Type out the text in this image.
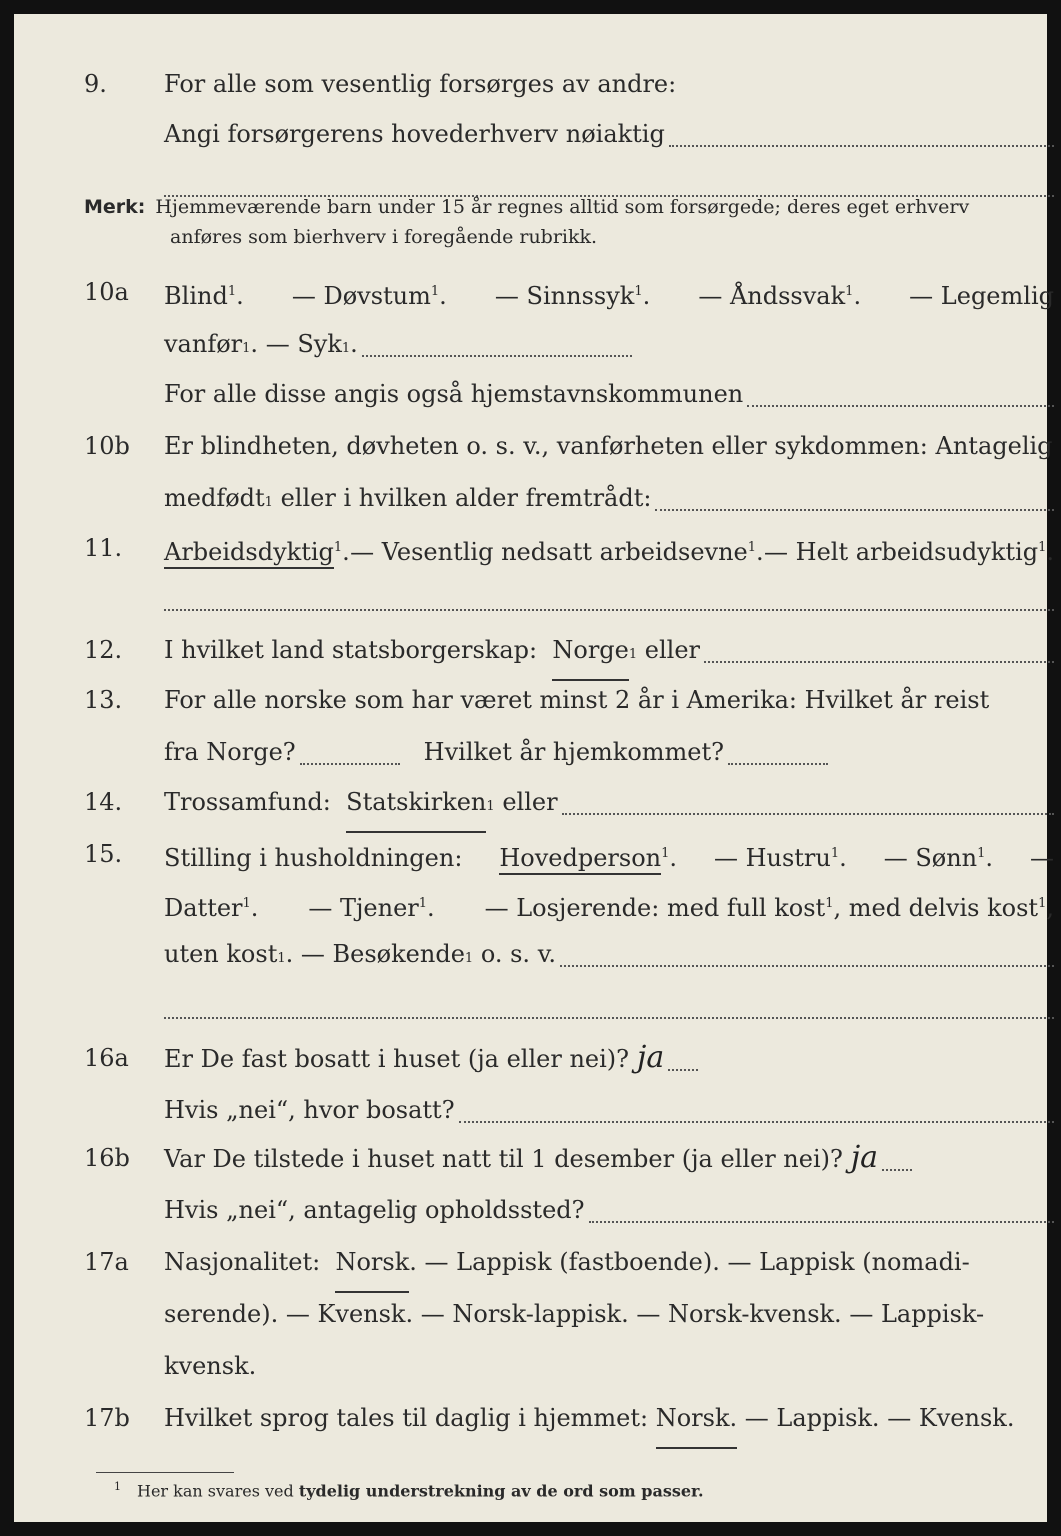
9.	For alle som vesentlig forsørges av andre:
Angi forsørgerens hovederhverv nøiaktig
Merk: Hjemmeværende barn under 15 år regnes alltid som forsørgede; deres eget erhverv
anføres som bierhverv i foregående rubrikk.
10a	Blind$^1$. — Døvstum$^1$. — Sinnssyk$^1$. — Åndssvak$^1$. — Legemlig
vanfør$_1$ . — Syk$_1$ .
For alle disse angis også hjemstavnskommunen
10b	Er blindheten, døvheten o. s. v., vanførheten eller sykdommen: Antagelig
medfødt$_1$
eller i hvilken alder fremtrådt:
11.	Arbeidsdyktig$^1$. — Vesentlig nedsatt arbeidsevne$^1$. — Helt arbeidsudyktig$^1$.
12.	I hvilket land statsborgerskap:
Norge 1
eller
13.	For alle norske som har været minst 2 år i Amerika: Hvilket år reist
fra Norge?	Hvilket år hjemkommet?
14.	Trossamfund:
Statskirken 1
eller
15.	Stilling i husholdningen: Hovedperson$^1$. — Hustru$^1$. — Sønn$^1$. —
Datter$^1$. — Tjener$^1$. — Losjerende: med full kost$^1$, med delvis kost$^1$,
uten kost$_1$ . — Besøkende$_1$
o. s. v.
16a	Er De fast bosatt i huset (ja eller nei)? ja
Hvis „nei“, hvor bosatt?
16b	Var De tilstede i huset natt til 1 desember (ja eller nei)? ja
Hvis „nei“, antagelig opholdssted?
17a	Nasjonalitet:
Norsk . — Lappisk (fastboende). — Lappisk (nomadi-
serende). — Kvensk. — Norsk-lappisk. — Norsk-kvensk. — Lappisk-
kvensk.
17b	Hvilket sprog tales til daglig i hjemmet:
Norsk.
— Lappisk. — Kvensk.
$^1$ Her kan svares ved tydelig understrekning av de ord som passer.
